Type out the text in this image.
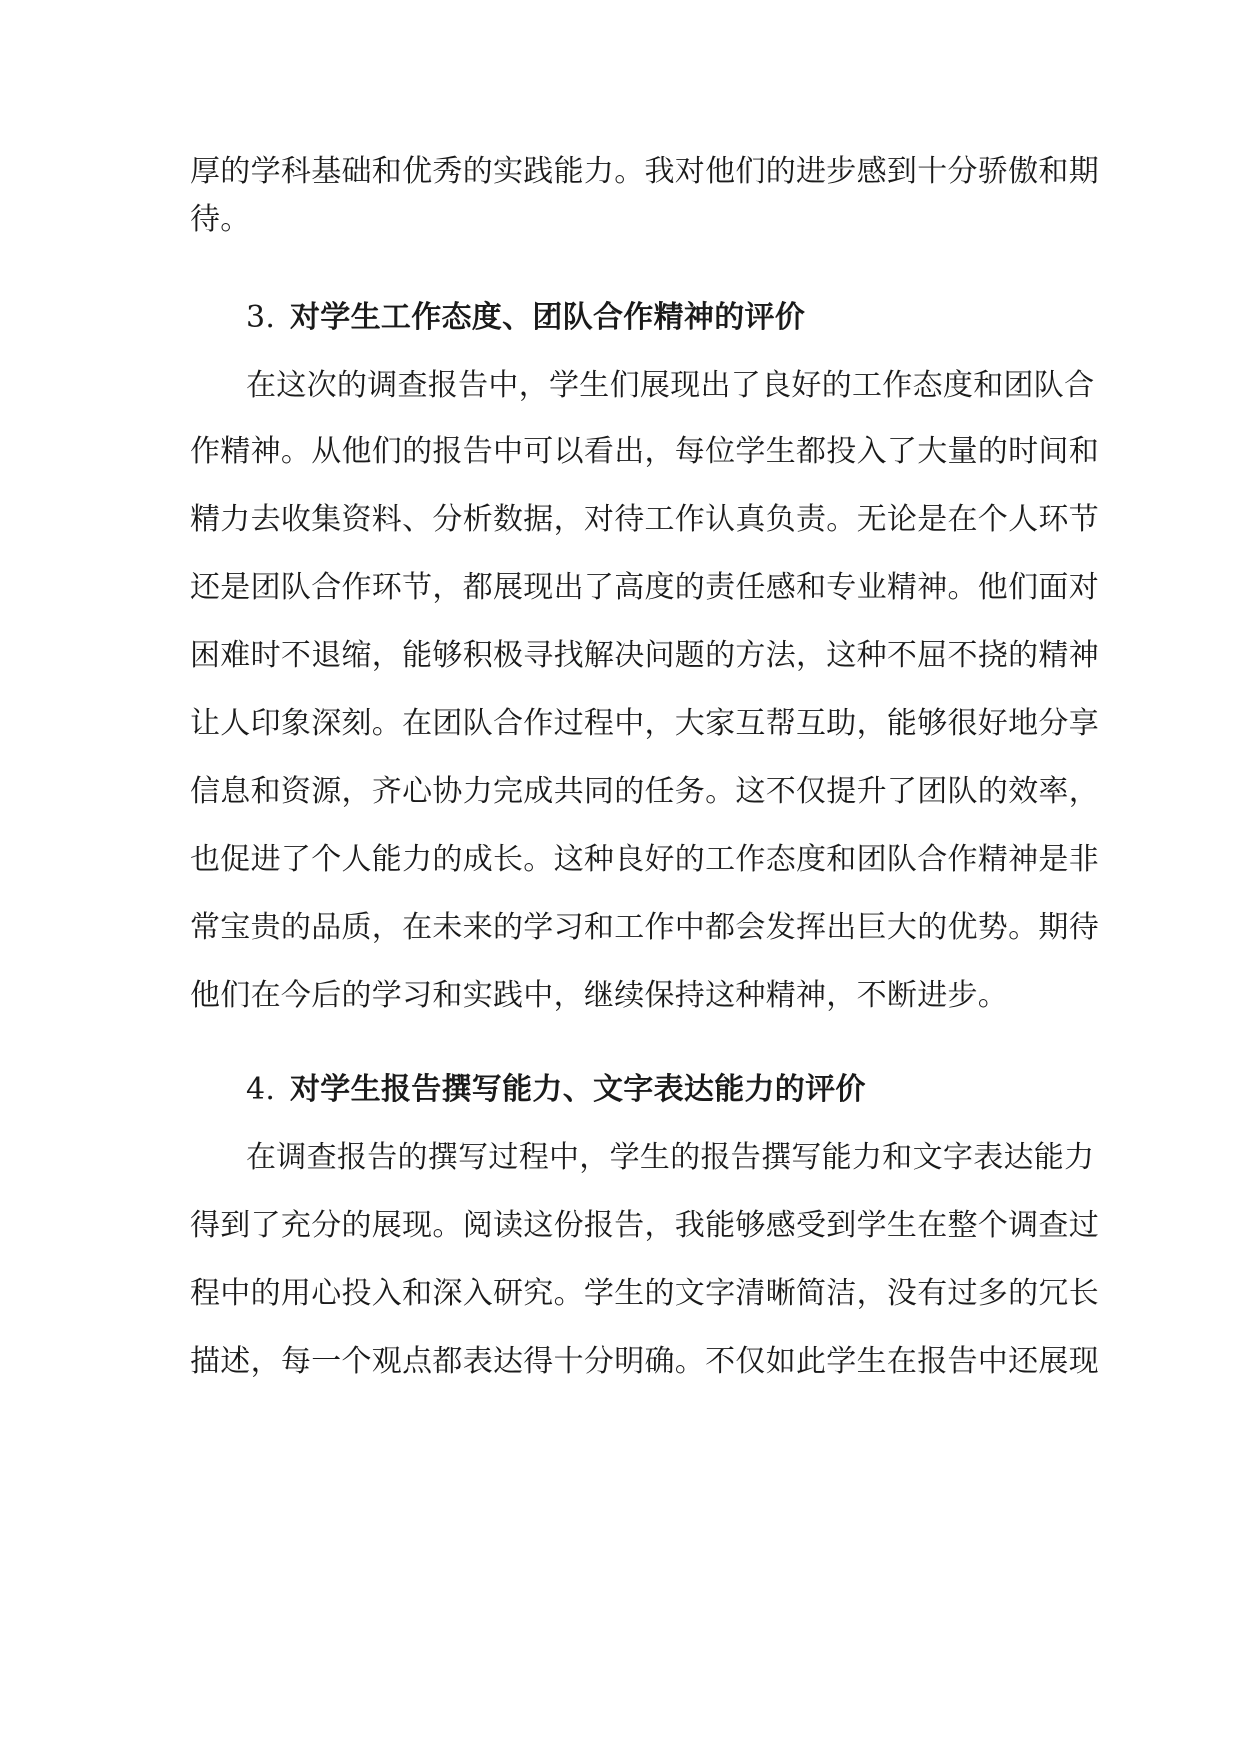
厚的学科基础和优秀的实践能力。我对他们的进步感到十分骄傲和期
待。
3. 对学生工作态度、团队合作精神的评价
在这次的调查报告中，学生们展现出了良好的工作态度和团队合
作精神。从他们的报告中可以看出，每位学生都投入了大量的时间和
精力去收集资料、分析数据，对待工作认真负责。无论是在个人环节
还是团队合作环节，都展现出了高度的责任感和专业精神。他们面对
困难时不退缩，能够积极寻找解决问题的方法，这种不屈不挠的精神
让人印象深刻。在团队合作过程中，大家互帮互助，能够很好地分享
信息和资源，齐心协力完成共同的任务。这不仅提升了团队的效率，
也促进了个人能力的成长。这种良好的工作态度和团队合作精神是非
常宝贵的品质，在未来的学习和工作中都会发挥出巨大的优势。期待
他们在今后的学习和实践中，继续保持这种精神，不断进步。
4. 对学生报告撰写能力、文字表达能力的评价
在调查报告的撰写过程中，学生的报告撰写能力和文字表达能力
得到了充分的展现。阅读这份报告，我能够感受到学生在整个调查过
程中的用心投入和深入研究。学生的文字清晰简洁，没有过多的冗长
描述，每一个观点都表达得十分明确。不仅如此学生在报告中还展现
